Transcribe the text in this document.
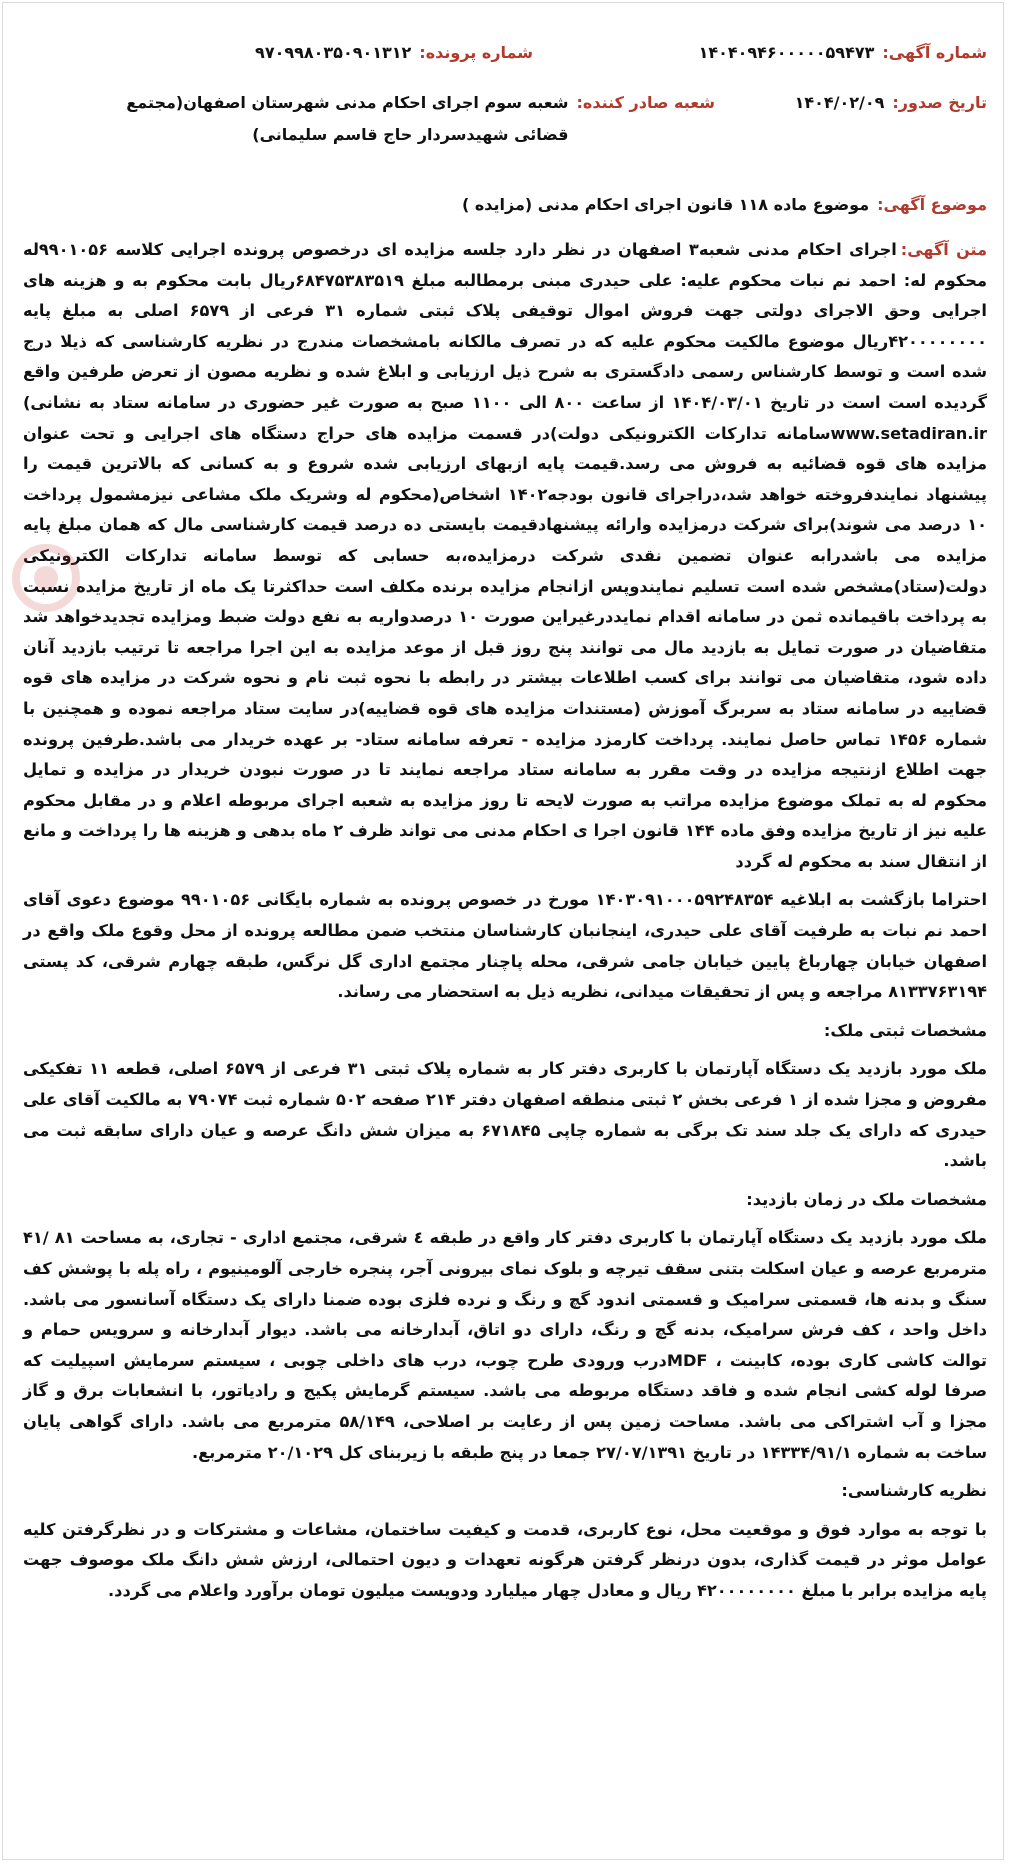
شماره آگهی:
۱۴۰۴۰۹۴۶۰۰۰۰۰۵۹۴۷۳
شماره پرونده:
۹۷۰۹۹۸۰۳۵۰۹۰۱۳۱۲
تاریخ صدور:
۱۴۰۴/۰۲/۰۹
شعبه صادر کننده:
شعبه سوم اجرای احکام مدنی شهرستان اصفهان(مجتمع قضائی شهیدسردار حاج قاسم سلیمانی)
موضوع آگهی:
موضوع ماده ۱۱۸ قانون اجرای احکام مدنی (مزایده )

متن آگهی:اجرای احکام مدنی شعبه۳ اصفهان در نظر دارد جلسه مزایده ای درخصوص پرونده اجرایی کلاسه ۹۹۰۱۰۵۶له محکوم له: احمد نم نبات محکوم علیه: علی حیدری مبنی برمطالبه مبلغ ۶۸۴۷۵۳۸۳۵۱۹ریال بابت محکوم به و هزینه های اجرایی وحق الاجرای دولتی جهت فروش اموال توقیفی پلاک ثبتی شماره ۳۱ فرعی از ۶۵۷۹ اصلی به مبلغ پایه ۴۲۰۰۰۰۰۰۰۰ریال موضوع مالکیت محکوم علیه که در تصرف مالکانه بامشخصات مندرج در نظریه کارشناسی که ذیلا درج شده است و توسط کارشناس رسمی دادگستری به شرح ذیل ارزیابی و ابلاغ شده و نظریه مصون از تعرض طرفین واقع گردیده است است در تاریخ ۱۴۰۴/۰۳/۰۱ از ساعت ۸۰۰ الی ۱۱۰۰ صبح به صورت غیر حضوری در سامانه ستاد به نشانی) www.setadiran.irسامانه تدارکات الکترونیکی دولت)در قسمت مزایده های حراج دستگاه های اجرایی و تحت عنوان مزایده های قوه قضائیه به فروش می رسد.قیمت پایه ازبهای ارزیابی شده شروع و به کسانی که بالاترین قیمت را پیشنهاد نمایندفروخته خواهد شد،دراجرای قانون بودجه۱۴۰۲ اشخاص(محکوم له وشریک ملک مشاعی نیزمشمول پرداخت ۱۰ درصد می شوند)برای شرکت درمزایده وارائه پیشنهادقیمت بایستی ده درصد قیمت کارشناسی مال که همان مبلغ پایه مزایده می باشدرابه عنوان تضمین نقدی شرکت درمزایده،به حسابی که توسط سامانه تدارکات الکترونیکی دولت(ستاد)مشخص شده است تسلیم نمایندوپس ازانجام مزایده برنده مکلف است حداکثرتا یک ماه از تاریخ مزایده نسبت به پرداخت باقیمانده ثمن در سامانه اقدام نمایددرغیراین صورت ۱۰ درصدواریه به نفع دولت ضبط ومزایده تجدیدخواهد شد متقاضیان در صورت تمایل به بازدید مال می توانند پنج روز قبل از موعد مزایده به این اجرا مراجعه تا ترتیب بازدید آنان داده شود، متقاضیان می توانند برای کسب اطلاعات بیشتر در رابطه با نحوه ثبت نام و نحوه شرکت در مزایده های قوه قضاییه در سامانه ستاد به سربرگ آموزش (مستندات مزایده های قوه قضاییه)در سایت ستاد مراجعه نموده و همچنین با شماره ۱۴۵۶ تماس حاصل نمایند. پرداخت کارمزد مزایده - تعرفه سامانه ستاد- بر عهده خریدار می باشد.طرفین پرونده جهت اطلاع ازنتیجه مزایده در وقت مقرر به سامانه ستاد مراجعه نمایند تا در صورت نبودن خریدار در مزایده و تمایل محکوم له به تملک موضوع مزایده مراتب به صورت لایحه تا روز مزایده به شعبه اجرای مربوطه اعلام و در مقابل محکوم علیه نیز از تاریخ مزایده وفق ماده ۱۴۴ قانون اجرا ی احکام مدنی می تواند ظرف ۲ ماه بدهی و هزینه ها را پرداخت و مانع از انتقال سند به محکوم له گردد

احتراما بازگشت به ابلاغیه ۱۴۰۳۰۹۱۰۰۰۵۹۲۴۸۳۵۴ مورخ در خصوص پرونده به شماره بایگانی ۹۹۰۱۰۵۶ موضوع دعوی آقای احمد نم نبات به طرفیت آقای علی حیدری، اینجانبان کارشناسان منتخب ضمن مطالعه پرونده از محل وقوع ملک واقع در اصفهان خیابان چهارباغ پایین خیابان جامی شرقی، محله پاچنار مجتمع اداری گل نرگس، طبقه چهارم شرقی، کد پستی ۸۱۳۳۷۶۳۱۹۴ مراجعه و پس از تحقیقات میدانی، نظریه ذیل به استحضار می رساند.

مشخصات ثبتی ملک:

ملک مورد بازدید یک دستگاه آپارتمان با کاربری دفتر کار به شماره پلاک ثبتی ۳۱ فرعی از ۶۵۷۹ اصلی، قطعه ۱۱ تفکیکی مفروض و مجزا شده از ۱ فرعی بخش ۲ ثبتی منطقه اصفهان دفتر ۲۱۴ صفحه ۵۰۲ شماره ثبت ۷۹۰۷۴ به مالکیت آقای علی حیدری که دارای یک جلد سند تک برگی به شماره چاپی ۶۷۱۸۴۵ به میزان شش دانگ عرصه و عیان دارای سابقه ثبت می باشد.

مشخصات ملک در زمان بازدید:

ملک مورد بازدید یک دستگاه آپارتمان با کاربری دفتر کار واقع در طبقه ٤ شرقی، مجتمع اداری - تجاری، به مساحت ۸۱ /۴۱ مترمربع عرصه و عیان اسکلت بتنی سقف تیرچه و بلوک نمای بیرونی آجر، پنجره خارجی آلومینیوم ، راه پله با پوشش کف سنگ و بدنه ها، قسمتی سرامیک و قسمتی اندود گچ و رنگ و نرده فلزی بوده ضمنا دارای یک دستگاه آسانسور می باشد. داخل واحد ، کف فرش سرامیک، بدنه گچ و رنگ، دارای دو اتاق، آبدارخانه می باشد. دیوار آبدارخانه و سرویس حمام و توالت کاشی کاری بوده، کابینت ، MDFدرب ورودی طرح چوب، درب های داخلی چوبی ، سیستم سرمایش اسپیلیت که صرفا لوله کشی انجام شده و فاقد دستگاه مربوطه می باشد. سیستم گرمایش پکیج و رادیاتور، با انشعابات برق و گاز مجزا و آب اشتراکی می باشد. مساحت زمین پس از رعایت بر اصلاحی، ۵۸/۱۴۹ مترمربع می باشد. دارای گواهی پایان ساخت به شماره ۱۴۳۳۴/۹۱/۱ در تاریخ ۲۷/۰۷/۱۳۹۱ جمعا در پنج طبقه با زیربنای کل ۲۰/۱۰۲۹ مترمربع.

نظریه کارشناسی:

با توجه به موارد فوق و موقعیت محل، نوع کاربری، قدمت و کیفیت ساختمان، مشاعات و مشترکات و در نظرگرفتن کلیه عوامل موثر در قیمت گذاری، بدون درنظر گرفتن هرگونه تعهدات و دیون احتمالی، ارزش شش دانگ ملک موصوف جهت پایه مزایده برابر با مبلغ ۴۲۰۰۰۰۰۰۰۰ ریال و معادل چهار میلیارد ودویست میلیون تومان برآورد واعلام می گردد.
